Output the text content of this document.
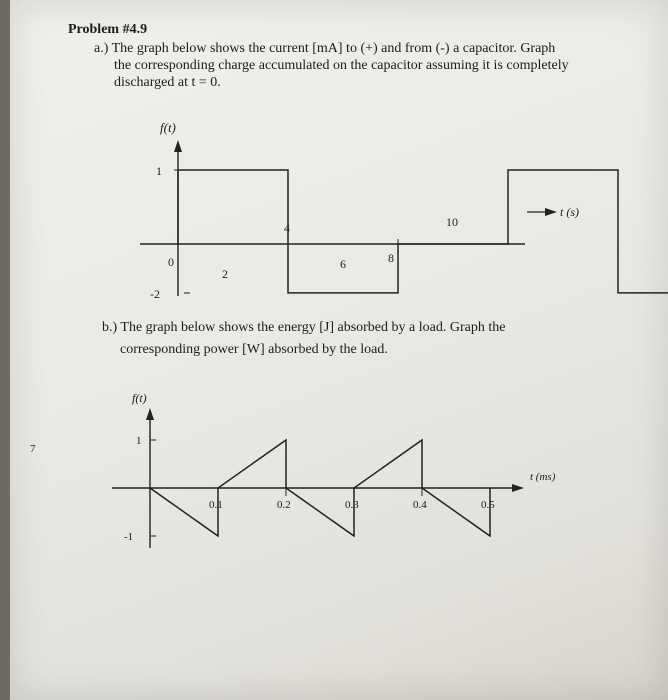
Problem #4.9
a.) The graph below shows the current [mA] to (+) and from (-) a capacitor. Graph
the corresponding charge accumulated on the capacitor assuming it is completely
discharged at t = 0.
b.) The graph below shows the energy [J] absorbed by a load. Graph the
corresponding power [W] absorbed by the load.
7
t (s)
f(t)
1
-2
0
2
4
6	8
10
t (ms)
f(t)
1
-1
0.1	0.2	0.3	0.4	0.5
